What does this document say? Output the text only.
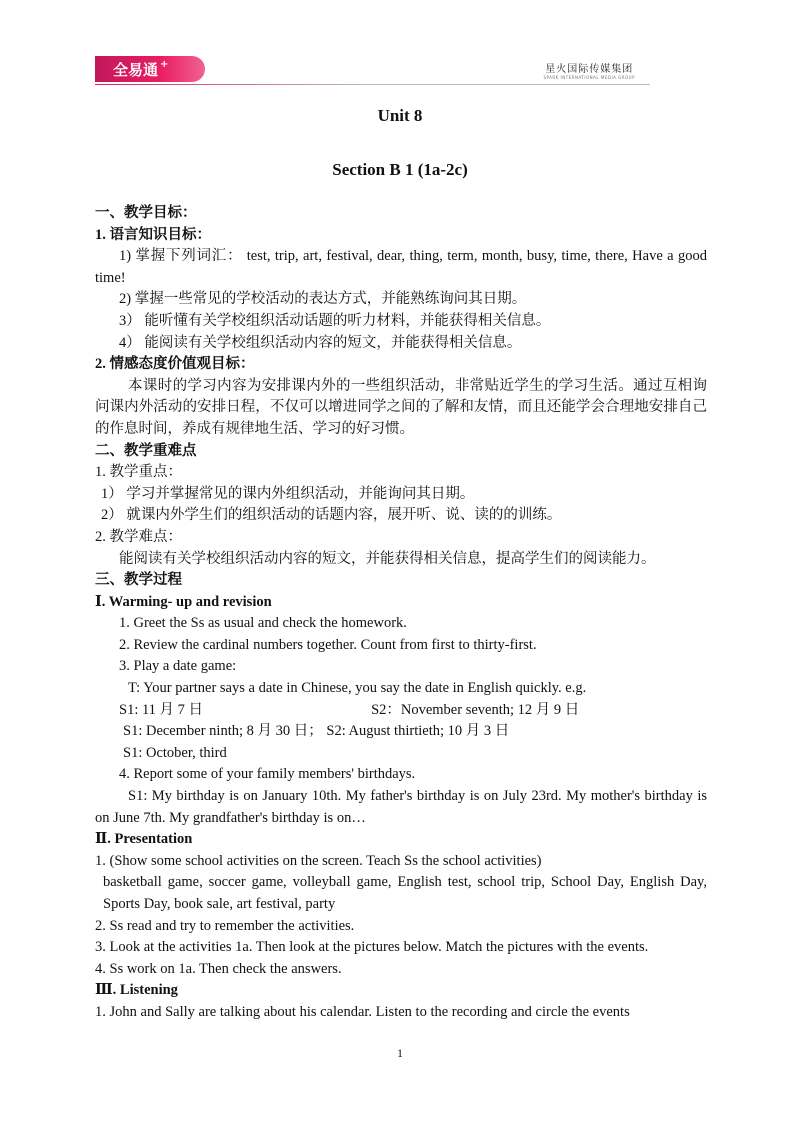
全易通 +	星火国际传媒集团
SPARK INTERNATIONAL MEDIA GROUP
Unit 8
Section B 1 (1a-2c)

一、教学目标：

1. 语言知识目标：

1) 掌握下列词汇： test, trip, art, festival, dear, thing, term, month, busy, time, there, Have a good time!

2) 掌握一些常见的学校活动的表达方式，并能熟练询问其日期。

3） 能听懂有关学校组织活动话题的听力材料，并能获得相关信息。

4） 能阅读有关学校组织活动内容的短文，并能获得相关信息。

2. 情感态度价值观目标：

本课时的学习内容为安排课内外的一些组织活动，非常贴近学生的学习生活。通过互相询问课内外活动的安排日程，不仅可以增进同学之间的了解和友情，而且还能学会合理地安排自己的作息时间，养成有规律地生活、学习的好习惯。

二、教学重难点

1. 教学重点：

1） 学习并掌握常见的课内外组织活动，并能询问其日期。

2） 就课内外学生们的组织活动的话题内容，展开听、说、读的的训练。

2. 教学难点：

能阅读有关学校组织活动内容的短文，并能获得相关信息，提高学生们的阅读能力。

三、教学过程

Ⅰ. Warming- up and revision

1. Greet the Ss as usual and check the homework.

2. Review the cardinal numbers together. Count from first to thirty-first.

3. Play a date game:

T: Your partner says a date in Chinese, you say the date in English quickly. e.g.

S1: 11 月 7 日	S2：November seventh; 12 月 9 日

S1: December ninth; 8 月 30 日； S2: August thirtieth; 10 月 3 日

S1: October, third

4. Report some of your family members' birthdays.

S1: My birthday is on January 10th. My father's birthday is on July 23rd. My mother's birthday is on June 7th. My grandfather's birthday is on…

Ⅱ. Presentation

1. (Show some school activities on the screen. Teach Ss the school activities)

basketball game, soccer game, volleyball game, English test, school trip, School Day, English Day, Sports Day, book sale, art festival, party

2. Ss read and try to remember the activities.

3. Look at the activities 1a. Then look at the pictures below. Match the pictures with the events.

4. Ss work on 1a. Then check the answers.

Ⅲ. Listening

1. John and Sally are talking about his calendar. Listen to the recording and circle the events

1
